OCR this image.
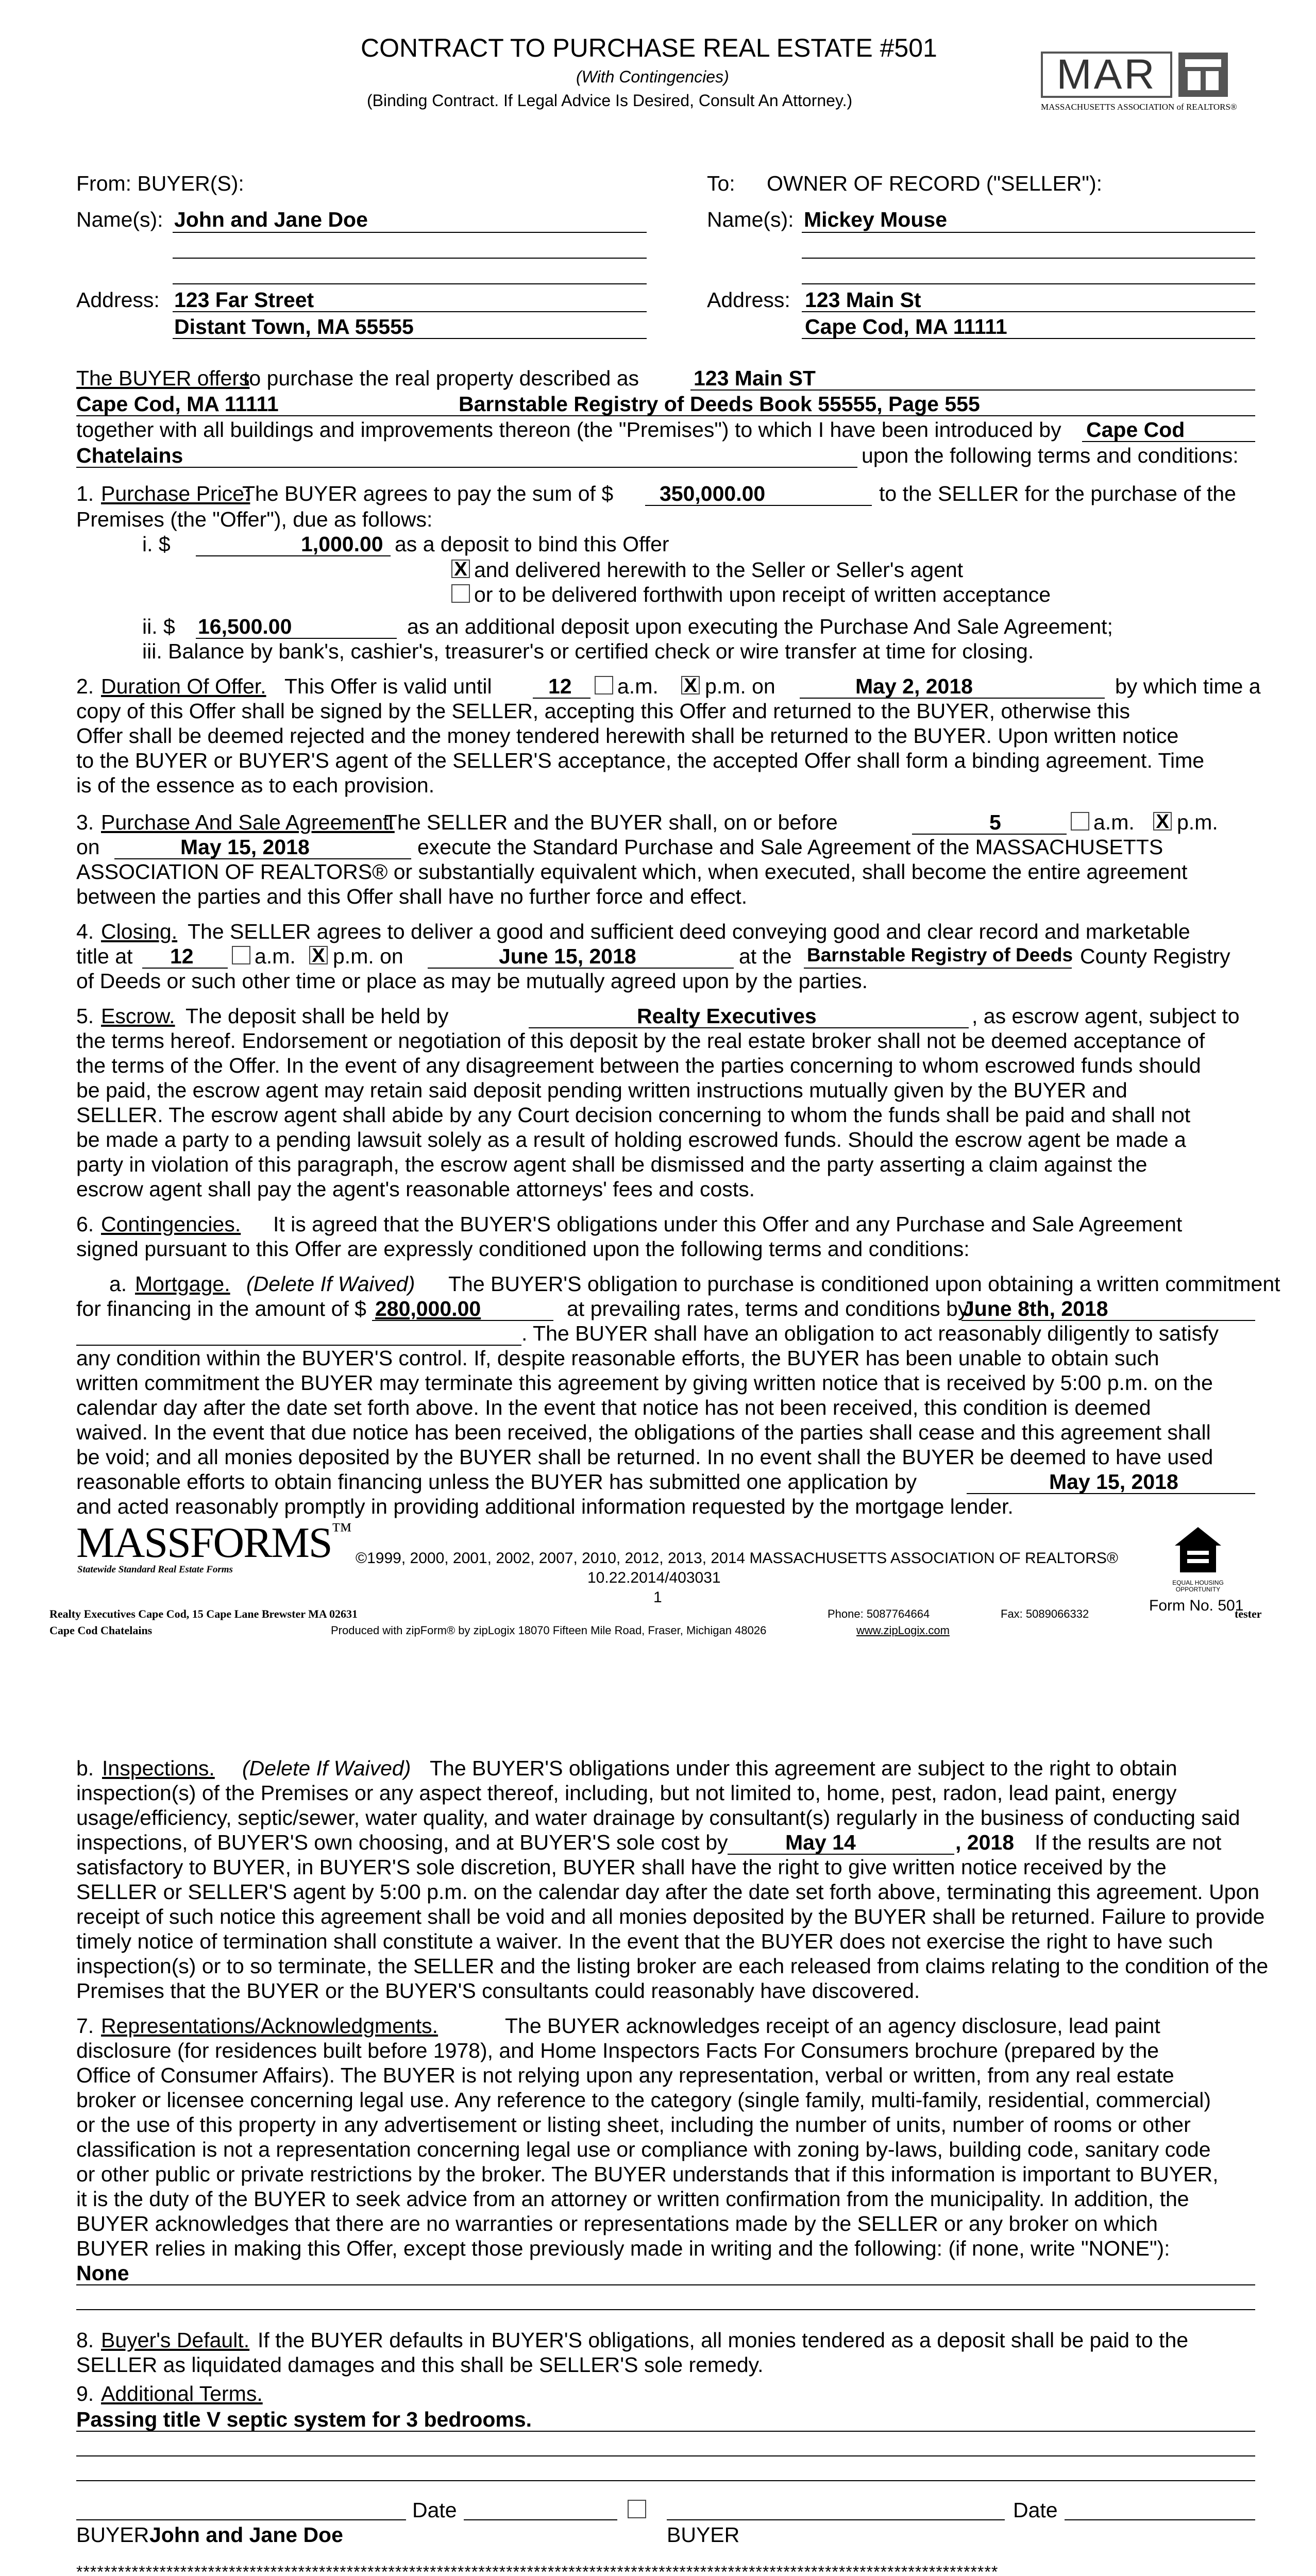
CONTRACT TO PURCHASE REAL ESTATE #501
(With Contingencies)
(Binding Contract. If Legal Advice Is Desired, Consult An Attorney.)
MAR
MASSACHUSETTS ASSOCIATION of REALTORS®
From: BUYER(S):	To: OWNER OF RECORD ("SELLER"):
Name(s): John and Jane Doe	Name(s): Mickey Mouse
Address: 123 Far Street
Distant Town, MA 55555
Address: 123 Main St
Cape Cod, MA 11111
The BUYER offers
to purchase the real property described as	123 Main ST
Cape Cod, MA 11111	Barnstable Registry of Deeds Book 55555, Page 555
together with all buildings and improvements thereon (the "Premises") to which I have been introduced by Cape Cod
Chatelains	upon the following terms and conditions:
1. Purchase Price:
The BUYER agrees to pay the sum of $ 350,000.00	to the SELLER for the purchase of the
Premises (the "Offer"), due as follows:
i. $	1,000.00 as a deposit to bind this Offer
X and delivered herewith to the Seller or Seller's agent
or to be delivered forthwith upon receipt of written acceptance
ii. $ 16,500.00	as an additional deposit upon executing the Purchase And Sale Agreement;
iii. Balance by bank's, cashier's, treasurer's or certified check or wire transfer at time for closing.
2. Duration Of Offer. This Offer is valid until	12 a.m. X p.m. on	May 2, 2018	by which time a
copy of this Offer shall be signed by the SELLER, accepting this Offer and returned to the BUYER, otherwise this
Offer shall be deemed rejected and the money tendered herewith shall be returned to the BUYER. Upon written notice
to the BUYER or BUYER'S agent of the SELLER'S acceptance, the accepted Offer shall form a binding agreement. Time
is of the essence as to each provision.
3. Purchase And Sale Agreement.
The SELLER and the BUYER shall, on or before	5	a.m. X p.m.
on	May 15, 2018	execute the Standard Purchase and Sale Agreement of the MASSACHUSETTS
ASSOCIATION OF REALTORS® or substantially equivalent which, when executed, shall become the entire agreement
between the parties and this Offer shall have no further force and effect.
4. Closing. The SELLER agrees to deliver a good and sufficient deed conveying good and clear record and marketable
title at 12	a.m. X p.m. on	June 15, 2018	at the Barnstable Registry of Deeds County Registry
of Deeds or such other time or place as may be mutually agreed upon by the parties.
5. Escrow. The deposit shall be held by	Realty Executives	, as escrow agent, subject to
the terms hereof. Endorsement or negotiation of this deposit by the real estate broker shall not be deemed acceptance of
the terms of the Offer. In the event of any disagreement between the parties concerning to whom escrowed funds should
be paid, the escrow agent may retain said deposit pending written instructions mutually given by the BUYER and
SELLER. The escrow agent shall abide by any Court decision concerning to whom the funds shall be paid and shall not
be made a party to a pending lawsuit solely as a result of holding escrowed funds. Should the escrow agent be made a
party in violation of this paragraph, the escrow agent shall be dismissed and the party asserting a claim against the
escrow agent shall pay the agent's reasonable attorneys' fees and costs.
6. Contingencies. It is agreed that the BUYER'S obligations under this Offer and any Purchase and Sale Agreement
signed pursuant to this Offer are expressly conditioned upon the following terms and conditions:
a. Mortgage. (Delete If Waived) The BUYER'S obligation to purchase is conditioned upon obtaining a written commitment
for financing in the amount of $ 280,000.00	at prevailing rates, terms and conditions by
June 8th, 2018
. The BUYER shall have an obligation to act reasonably diligently to satisfy
any condition within the BUYER'S control. If, despite reasonable efforts, the BUYER has been unable to obtain such
written commitment the BUYER may terminate this agreement by giving written notice that is received by 5:00 p.m. on the
calendar day after the date set forth above. In the event that notice has not been received, this condition is deemed
waived. In the event that due notice has been received, the obligations of the parties shall cease and this agreement shall
be void; and all monies deposited by the BUYER shall be returned. In no event shall the BUYER be deemed to have used
reasonable efforts to obtain financing unless the BUYER has submitted one application by	May 15, 2018
and acted reasonably promptly in providing additional information requested by the mortgage lender.
MASSFORMS™
Statewide Standard Real Estate Forms
©1999, 2000, 2001, 2002, 2007, 2010, 2012, 2013, 2014 MASSACHUSETTS ASSOCIATION OF REALTORS®
10.22.2014/403031
1
EQUAL HOUSING OPPORTUNITY
Form No. 501
Realty Executives Cape Cod, 15 Cape Lane Brewster MA 02631	Phone: 5087764664	Fax: 5089066332	tester
Cape Cod Chatelains	Produced with zipForm® by zipLogix 18070 Fifteen Mile Road, Fraser, Michigan 48026	www.zipLogix.com
b. Inspections. (Delete If Waived) The BUYER'S obligations under this agreement are subject to the right to obtain
inspection(s) of the Premises or any aspect thereof, including, but not limited to, home, pest, radon, lead paint, energy
usage/efficiency, septic/sewer, water quality, and water drainage by consultant(s) regularly in the business of conducting said
inspections, of BUYER'S own choosing, and at BUYER'S sole cost by	May 14	, 2018 If the results are not
satisfactory to BUYER, in BUYER'S sole discretion, BUYER shall have the right to give written notice received by the
SELLER or SELLER'S agent by 5:00 p.m. on the calendar day after the date set forth above, terminating this agreement. Upon
receipt of such notice this agreement shall be void and all monies deposited by the BUYER shall be returned. Failure to provide
timely notice of termination shall constitute a waiver. In the event that the BUYER does not exercise the right to have such
inspection(s) or to so terminate, the SELLER and the listing broker are each released from claims relating to the condition of the
Premises that the BUYER or the BUYER'S consultants could reasonably have discovered.
7. Representations/Acknowledgments.	The BUYER acknowledges receipt of an agency disclosure, lead paint
disclosure (for residences built before 1978), and Home Inspectors Facts For Consumers brochure (prepared by the
Office of Consumer Affairs). The BUYER is not relying upon any representation, verbal or written, from any real estate
broker or licensee concerning legal use. Any reference to the category (single family, multi-family, residential, commercial)
or the use of this property in any advertisement or listing sheet, including the number of units, number of rooms or other
classification is not a representation concerning legal use or compliance with zoning by-laws, building code, sanitary code
or other public or private restrictions by the broker. The BUYER understands that if this information is important to BUYER,
it is the duty of the BUYER to seek advice from an attorney or written confirmation from the municipality. In addition, the
BUYER acknowledges that there are no warranties or representations made by the SELLER or any broker on which
BUYER relies in making this Offer, except those previously made in writing and the following: (if none, write "NONE"):
None
8. Buyer's Default. If the BUYER defaults in BUYER'S obligations, all monies tendered as a deposit shall be paid to the
SELLER as liquidated damages and this shall be SELLER'S sole remedy.
9. Additional Terms.
Passing title V septic system for 3 bedrooms.
Date
BUYER John and Jane Doe
Date
BUYER
*************************************************************************************************************************************
